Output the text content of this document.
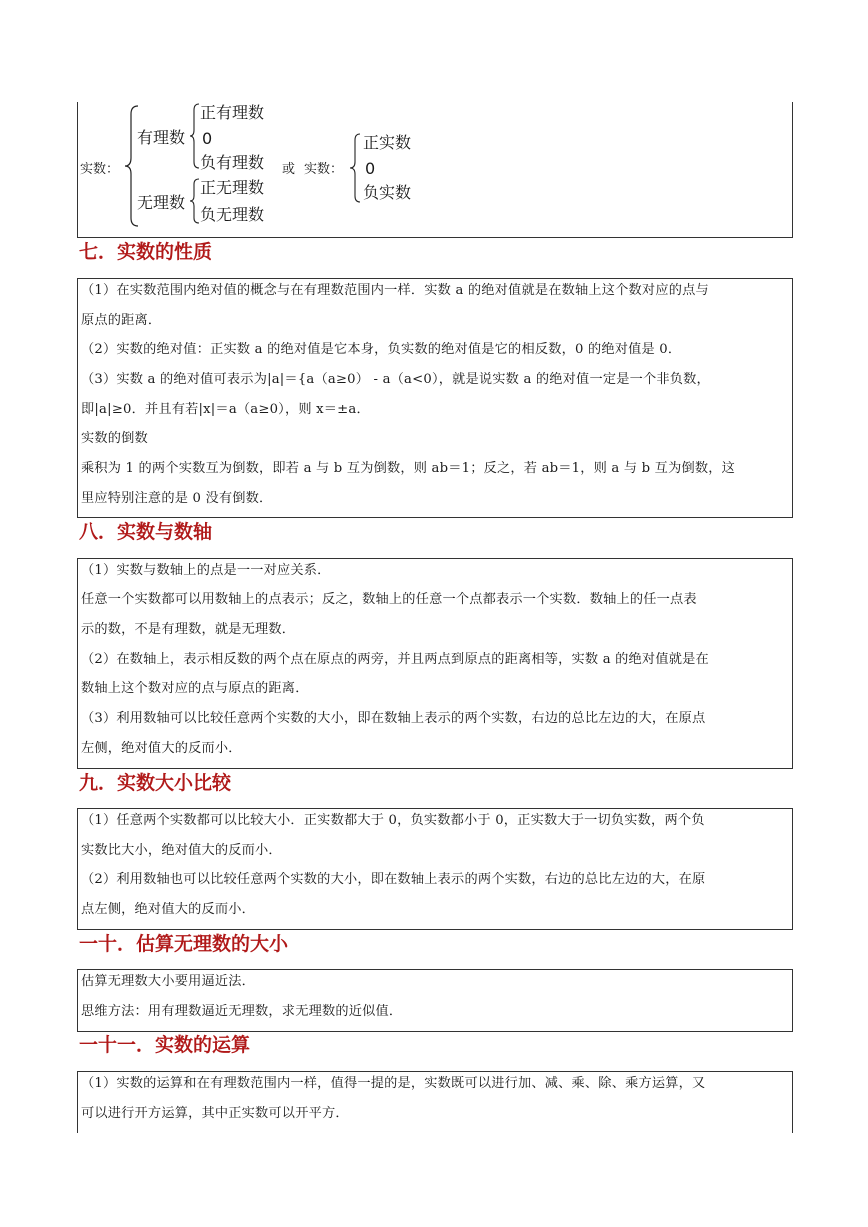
实数：
有理数
正有理数
0
负有理数
无理数
正无理数
负无理数
或 实数：
正实数
0
负实数
七．实数的性质
（1）在实数范围内绝对值的概念与在有理数范围内一样．实数 a 的绝对值就是在数轴上这个数对应的点与
原点的距离．
（2）实数的绝对值：正实数 a 的绝对值是它本身，负实数的绝对值是它的相反数，0 的绝对值是 0．
（3）实数 a 的绝对值可表示为|a|＝{a（a≥0） - a（a<0），就是说实数 a 的绝对值一定是一个非负数，
即|a|≥0．并且有若|x|＝a（a≥0），则 x＝±a．
实数的倒数
乘积为 1 的两个实数互为倒数，即若 a 与 b 互为倒数，则 ab＝1；反之，若 ab＝1，则 a 与 b 互为倒数，这
里应特别注意的是 0 没有倒数．
八．实数与数轴
（1）实数与数轴上的点是一一对应关系．
任意一个实数都可以用数轴上的点表示；反之，数轴上的任意一个点都表示一个实数．数轴上的任一点表
示的数，不是有理数，就是无理数．
（2）在数轴上，表示相反数的两个点在原点的两旁，并且两点到原点的距离相等，实数 a 的绝对值就是在
数轴上这个数对应的点与原点的距离．
（3）利用数轴可以比较任意两个实数的大小，即在数轴上表示的两个实数，右边的总比左边的大，在原点
左侧，绝对值大的反而小．
九．实数大小比较
（1）任意两个实数都可以比较大小．正实数都大于 0，负实数都小于 0，正实数大于一切负实数，两个负
实数比大小，绝对值大的反而小．
（2）利用数轴也可以比较任意两个实数的大小，即在数轴上表示的两个实数，右边的总比左边的大，在原
点左侧，绝对值大的反而小．
一十．估算无理数的大小
估算无理数大小要用逼近法．
思维方法：用有理数逼近无理数，求无理数的近似值．
一十一．实数的运算
（1）实数的运算和在有理数范围内一样，值得一提的是，实数既可以进行加、减、乘、除、乘方运算，又
可以进行开方运算，其中正实数可以开平方．
